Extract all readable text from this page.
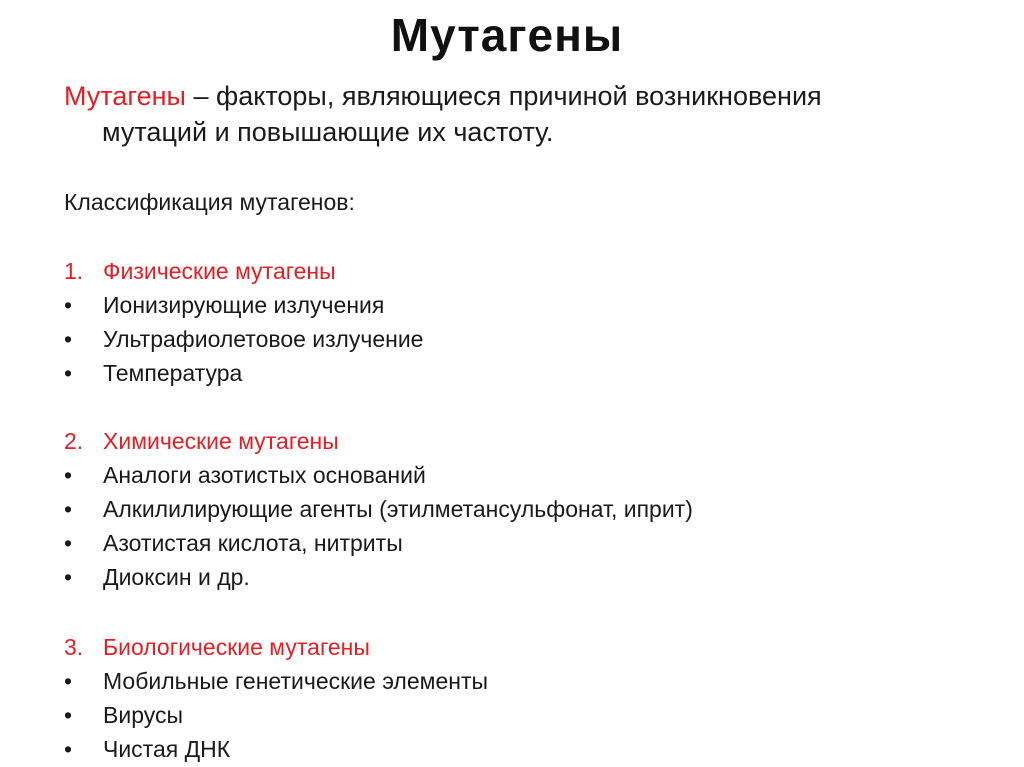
Мутагены
Мутагены – факторы, являющиеся причиной возникновения
мутаций и повышающие их частоту.
Классификация мутагенов:
1. Физические мутагены
• Ионизирующие излучения
• Ультрафиолетовое излучение
• Температура
2. Химические мутагены
• Аналоги азотистых оснований
• Алкилилирующие агенты (этилметансульфонат, иприт)
• Азотистая кислота, нитриты
• Диоксин и др.
3. Биологические мутагены
• Мобильные генетические элементы
• Вирусы
• Чистая ДНК
